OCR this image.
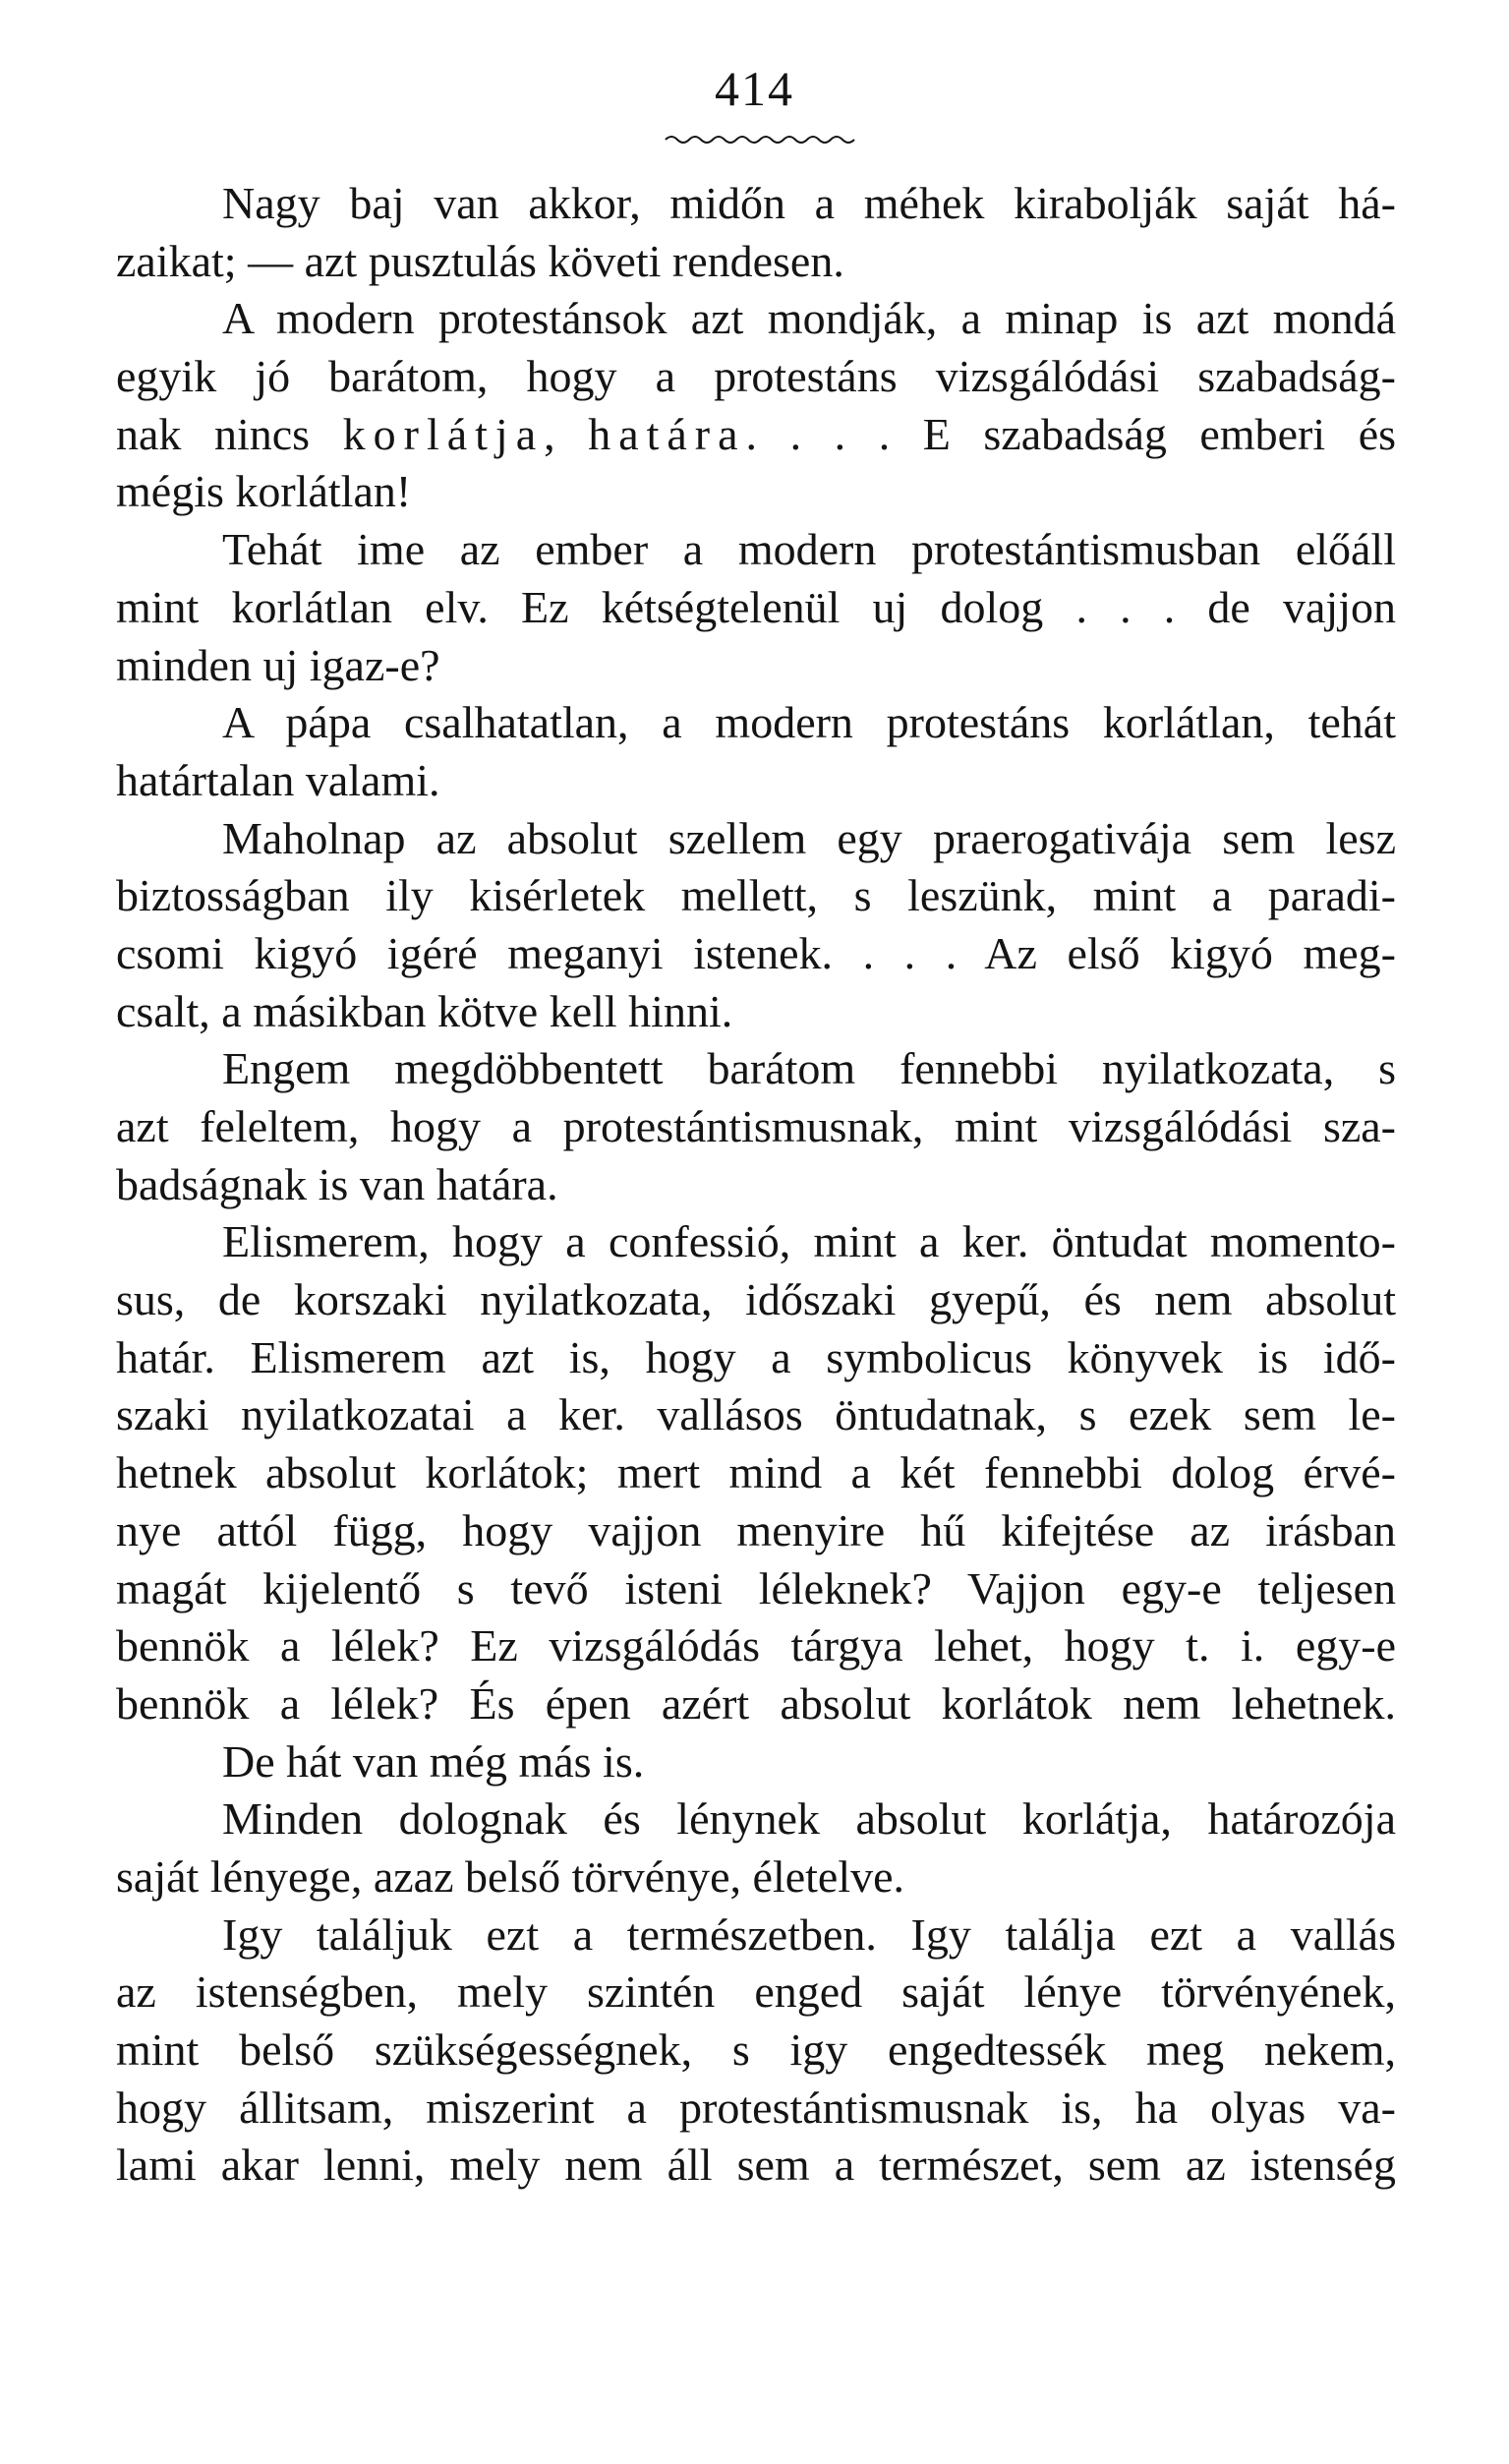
414
Nagy baj van akkor, midőn a méhek kirabolják saját há-
zaikat; — azt pusztulás követi rendesen.
A modern protestánsok azt mondják, a minap is azt mondá
egyik jó barátom, hogy a protestáns vizsgálódási szabadság-
nak nincs korlátja, határa. . . . E szabadság emberi és
mégis korlátlan!
Tehát ime az ember a modern protestántismusban előáll
mint korlátlan elv. Ez kétségtelenül uj dolog . . . de vajjon
minden uj igaz-e?
A pápa csalhatatlan, a modern protestáns korlátlan, tehát
határtalan valami.
Maholnap az absolut szellem egy praerogativája sem lesz
biztosságban ily kisérletek mellett, s leszünk, mint a paradi-
csomi kigyó igéré meganyi istenek. . . . Az első kigyó meg-
csalt, a másikban kötve kell hinni.
Engem megdöbbentett barátom fennebbi nyilatkozata, s
azt feleltem, hogy a protestántismusnak, mint vizsgálódási sza-
badságnak is van határa.
Elismerem, hogy a confessió, mint a ker. öntudat momento-
sus, de korszaki nyilatkozata, időszaki gyepű, és nem absolut
határ. Elismerem azt is, hogy a symbolicus könyvek is idő-
szaki nyilatkozatai a ker. vallásos öntudatnak, s ezek sem le-
hetnek absolut korlátok; mert mind a két fennebbi dolog érvé-
nye attól függ, hogy vajjon menyire hű kifejtése az irásban
magát kijelentő s tevő isteni léleknek? Vajjon egy-e teljesen
bennök a lélek? Ez vizsgálódás tárgya lehet, hogy t. i. egy-e
bennök a lélek? És épen azért absolut korlátok nem lehetnek.
De hát van még más is.
Minden dolognak és lénynek absolut korlátja, határozója
saját lényege, azaz belső törvénye, életelve.
Igy találjuk ezt a természetben. Igy találja ezt a vallás
az istenségben, mely szintén enged saját lénye törvényének,
mint belső szükségességnek, s igy engedtessék meg nekem,
hogy állitsam, miszerint a protestántismusnak is, ha olyas va-
lami akar lenni, mely nem áll sem a természet, sem az istenség
